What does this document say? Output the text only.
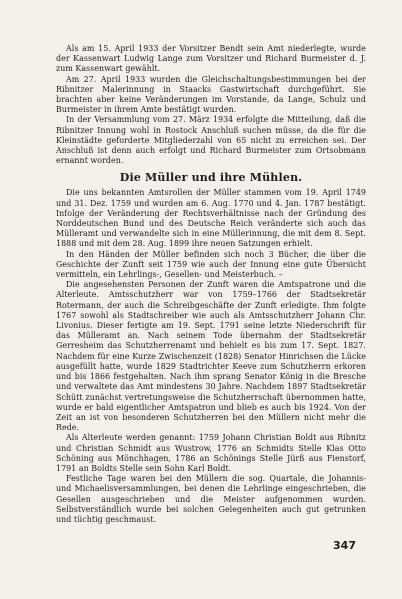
Als am 15. April 1933 der Vorsitzer Bendt sein Amt niederlegte, wurde der Kassenwart Ludwig Lange zum Vorsitzer und Richard Burmeister d. J. zum Kassenwart gewählt.

Am 27. April 1933 wurden die Gleichschaltungsbestimmungen bei der Ribnitzer Malerinnung in Staacks Gastwirtschaft durchgeführt. Sie brachten aber keine Veränderungen im Vorstande, da Lange, Schulz und Burmeister in ihrem Amte bestätigt wurden.

In der Versammlung vom 27. März 1934 erfolgte die Mitteilung, daß die Ribnitzer Innung wohl in Rostock Anschluß suchen müsse, da die für die Kleinstädte geforderte Mitgliederzahl von 65 nicht zu erreichen sei. Der Anschluß ist denn auch erfolgt und Richard Burmeister zum Ortsobmann ernannt worden.

Die Müller und ihre Mühlen.

Die uns bekannten Amtsrollen der Müller stammen vom 19. April 1749 und 31. Dez. 1759 und wurden am 6. Aug. 1770 und 4. Jan. 1787 bestätigt. Infolge der Veränderung der Rechtsverhältnisse nach der Gründung des Norddeutschen Bund und des Deutsche Reich veränderte sich auch das Mülleramt und verwandelte sich in eine Müllerinnung, die mit dem 8. Sept. 1888 und mit dem 28. Aug. 1899 ihre neuen Satzungen erhielt.

In den Händen der Müller befinden sich noch 3 Bücher, die über die Geschichte der Zunft seit 1759 wie auch der Innung eine gute Übersicht vermitteln, ein Lehrlings-, Gesellen- und Meisterbuch. –

Die angesehensten Personen der Zunft waren die Amtspatrone und die Alterleute. Amtsschutzherr war von 1759–1766 der Stadtsekretär Rotermann, der auch die Schreibgeschäfte der Zunft erledigte. Ihm folgte 1767 sowohl als Stadtschreiber wie auch als Amtsschutzherr Johann Chr. Livonius. Dieser fertigte am 19. Sept. 1791 seine letzte Niederschrift für das Mülleramt an. Nach seinem Tode übernahm der Stadtsekretär Gerresheim das Schutzherrenamt und behielt es bis zum 17. Sept. 1827. Nachdem für eine Kurze Zwischenzeit (1828) Senator Hinrichsen die Lücke ausgefüllt hatte, wurde 1829 Stadtrichter Keeve zum Schutzherrn erkoren und bis 1866 festgehalten. Nach ihm sprang Senator König in die Bresche und verwaltete das Amt mindestens 30 Jahre. Nachdem 1897 Stadtsekretär Schütt zunächst vertretungsweise die Schutzherrschaft übernommen hatte, wurde er bald eigentlicher Amtspatron und blieb es auch bis 1924. Von der Zeit an ist von besonderen Schutzherren bei den Müllern nicht mehr die Rede.

Als Alterleute werden genannt: 1759 Johann Christian Boldt aus Ribnitz und Christian Schmidt aus Wustrow, 1776 an Schmidts Stelle Klas Otto Schöning aus Mönchhagen, 1786 an Schönings Stelle Jürß aus Fienstorf, 1791 an Boldts Stelle sein Sohn Karl Boldt.

Festliche Tage waren bei den Müllern die sog. Quartale, die Johannis- und Michaelisversammlungen, bei denen die Lehrlinge eingeschrieben, die Gesellen ausgeschrieben und die Meister aufgenommen wurden. Selbstverständlich wurde bei solchen Gelegenheiten auch gut getrunken und tüchtig geschmaust.

347
